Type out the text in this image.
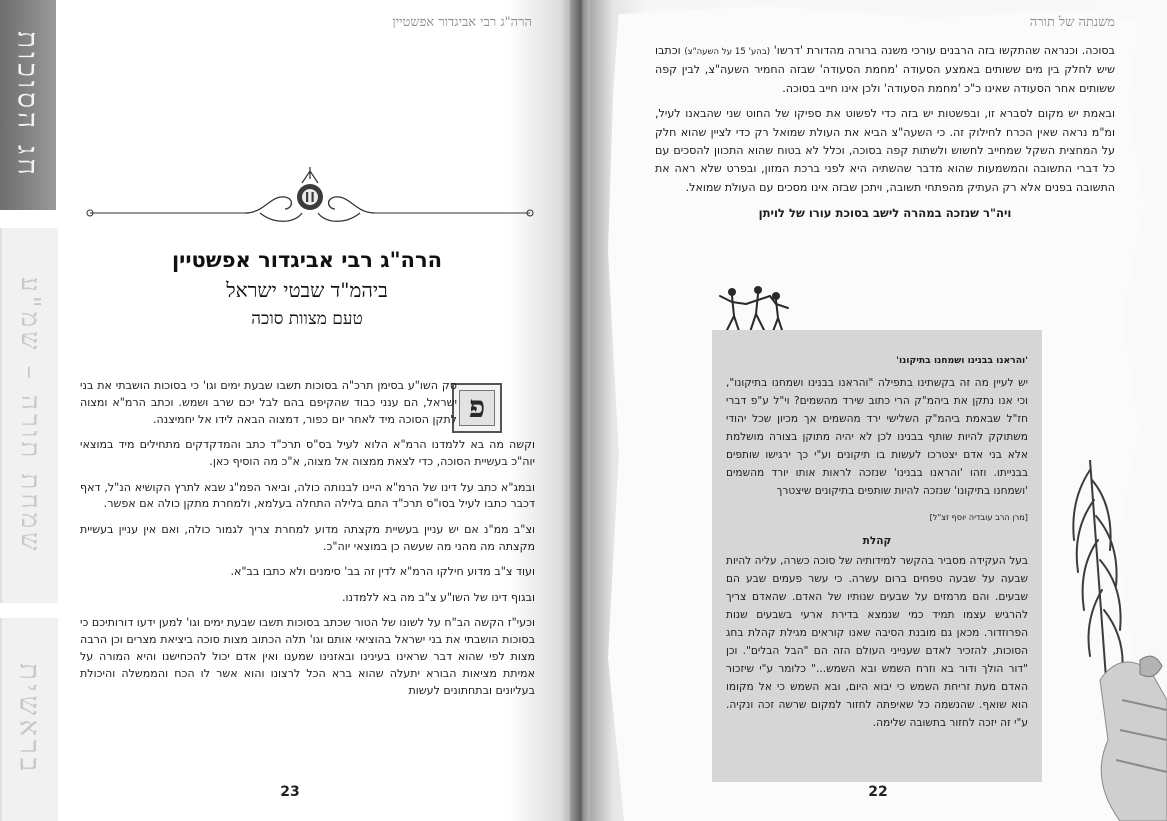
חג הסוכות
שמחת תורה – שמ"ע
בראשית
הרה"ג רבי אביגדור אפשטיין

הרה"ג רבי אביגדור אפשטיין

ביהמ"ד שבטי ישראל

טעם מצוות סוכה

פ

סק השו"ע בסימן תרכ"ה בסוכות תשבו שבעת ימים וגו' כי בסוכות הושבתי את בני ישראל, הם ענני כבוד שהקיפם בהם לבל יכם שרב ושמש. וכתב הרמ"א ומצוה לתקן הסוכה מיד לאחר יום כפור, דמצוה הבאה לידו אל יחמיצנה.

וקשה מה בא ללמדנו הרמ"א הלוא לעיל בס"ס תרכ"ד כתב והמדקדקים מתחילים מיד במוצאי יוה"כ בעשיית הסוכה, כדי לצאת ממצוה אל מצוה, א"כ מה הוסיף כאן.

ובמג"א כתב על דינו של הרמ"א היינו לבנותה כולה, וביאר הפמ"ג שבא לתרץ הקושיא הנ"ל, דאף דכבר כתבו לעיל בסו"ס תרכ"ד התם בלילה התחלה בעלמא, ולמחרת מתקן כולה אם אפשר.

וצ"ב ממ"נ אם יש עניין בעשיית מקצתה מדוע למחרת צריך לגמור כולה, ואם אין עניין בעשיית מקצתה מה מהני מה שעשה כן במוצאי יוה"כ.

ועוד צ"ב מדוע חילקו הרמ"א לדין זה בב' סימנים ולא כתבו בב"א.

ובגוף דינו של השו"ע צ"ב מה בא ללמדנו.

וכעי"ז הקשה הב"ח על לשונו של הטור שכתב בסוכות תשבו שבעת ימים וגו' למען ידעו דורותיכם כי בסוכות הושבתי את בני ישראל בהוציאי אותם וגו' תלה הכתוב מצות סוכה ביציאת מצרים וכן הרבה מצות לפי שהוא דבר שראינו בעינינו ובאזנינו שמענו ואין אדם יכול להכחישנו והיא המורה על אמיתת מציאות הבורא יתעלה שהוא ברא הכל לרצונו והוא אשר לו הכח והממשלה והיכולת בעליונים ובתחתונים לעשות

23
משנתה של תורה

בסוכה. וכנראה שהתקשו בזה הרבנים עורכי משנה ברורה מהדורת 'דרשו' (בהע' 15 על השעה"צ) וכתבו שיש לחלק בין מים ששותים באמצע הסעודה 'מחמת הסעודה' שבזה החמיר השעה"צ, לבין קפה ששותים אחר הסעודה שאינו כ"כ 'מחמת הסעודה' ולכן אינו חייב בסוכה.

ובאמת יש מקום לסברא זו, ובפשטות יש בזה כדי לפשוט את ספיקו של החוט שני שהבאנו לעיל, ומ"מ נראה שאין הכרח לחילוק זה. כי השעה"צ הביא את העולת שמואל רק כדי לציין שהוא חלק על המחצית השקל שמחייב לחשוש ולשתות קפה בסוכה, וכלל לא בטוח שהוא התכוון להסכים עם כל דברי התשובה והמשמעות שהוא מדבר שהשתיה היא לפני ברכת המזון, ובפרט שלא ראה את התשובה בפנים אלא רק העתיק מהפתחי תשובה, ויתכן שבזה אינו מסכים עם העולת שמואל.

ויה"ר שנזכה במהרה לישב בסוכת עורו של לויתן

'והראנו בבנינו ושמחנו בתיקונו'

יש לעיין מה זה בקשתינו בתפילה "והראנו בבנינו ושמחנו בתיקונו", וכי אנו נתקן את ביהמ"ק הרי כתוב שירד מהשמים? וי"ל ע"פ דברי חז"ל שבאמת ביהמ"ק השלישי ירד מהשמים אך מכיון שכל יהודי משתוקק להיות שותף בבנינו לכן לא יהיה מתוקן בצורה מושלמת אלא בני אדם יצטרכו לעשות בו תיקונים וע"י כך ירגישו שותפים בבנייתו. וזהו 'והראנו בבנינו' שנזכה לראות אותו יורד מהשמים 'ושמחנו בתיקונו' שנזכה להיות שותפים בתיקונים שיצטרך

[מרן הרב עובדיה יוסף זצ"ל]

קהלת

בעל העקידה מסביר בהקשר למידותיה של סוכה כשרה, עליה להיות שבעה על שבעה טפחים ברום עשרה. כי עשר פעמים שבע הם שבעים. והם מרמזים על שבעים שנותיו של האדם. שהאדם צריך להרגיש עצמו תמיד כמי שנמצא בדירת ארעי בשבעים שנות הפרוזדור. מכאן גם מובנת הסיבה שאנו קוראים מגילת קהלת בחג הסוכות, להזכיר לאדם שענייני העולם הזה הם "הבל הבלים". וכן "דור הולך ודור בא וזרח השמש ובא השמש..." כלומר ע"י שיזכור האדם מעת זריחת השמש כי יבוא היום, ובא השמש כי אל מקומו הוא שואף. שהנשמה כל שאיפתה לחזור למקום שרשה זכה ונקיה. ע"י זה יזכה לחזור בתשובה שלימה.

22
